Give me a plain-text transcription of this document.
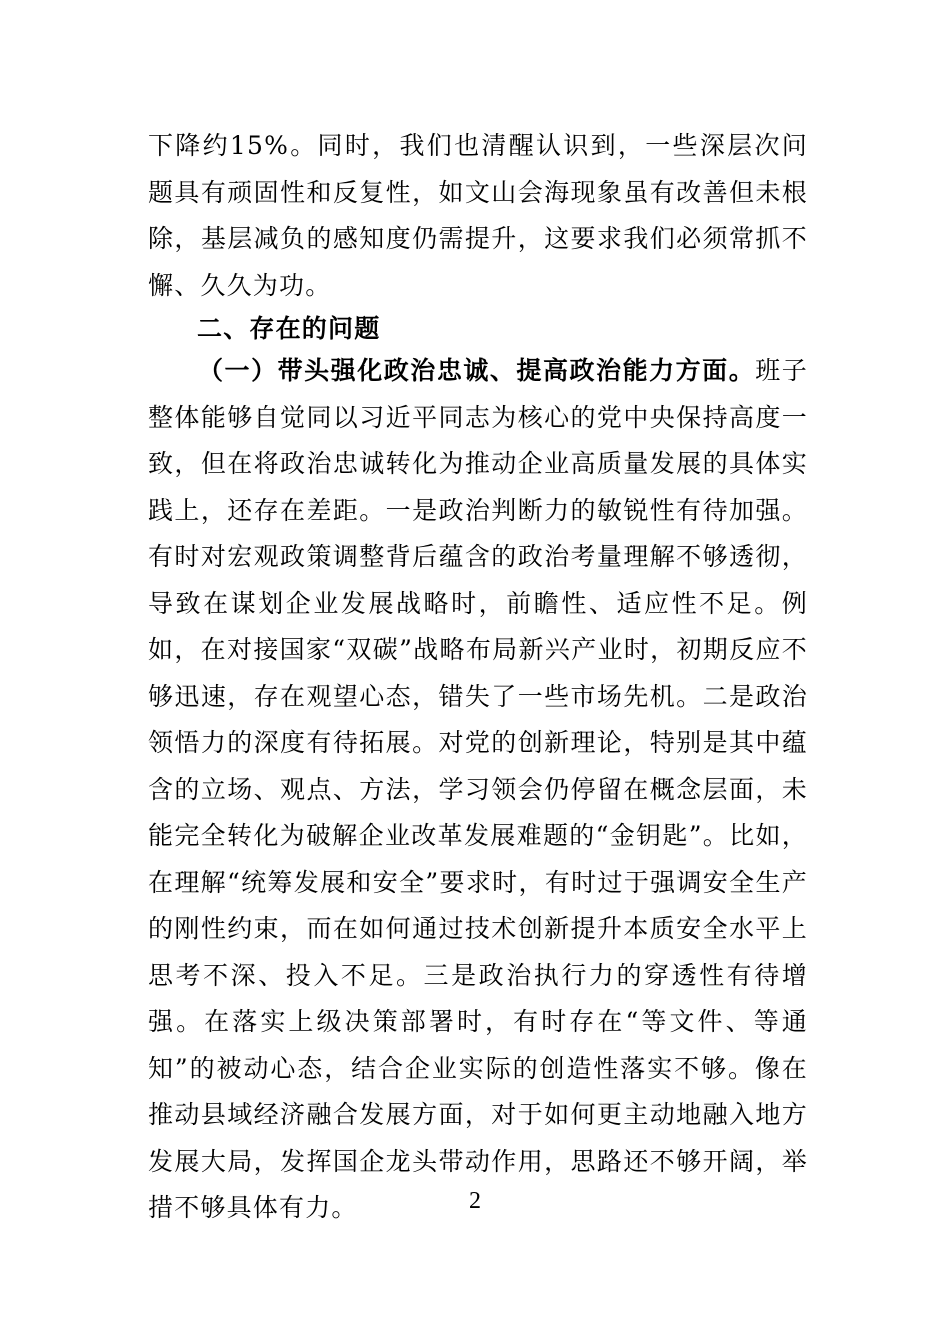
下降约15%。同时，我们也清醒认识到，一些深层次问题具有顽固性和反复性，如文山会海现象虽有改善但未根除，基层减负的感知度仍需提升，这要求我们必须常抓不懈、久久为功。

二、存在的问题

（一）带头强化政治忠诚、提高政治能力方面。班子整体能够自觉同以习近平同志为核心的党中央保持高度一致，但在将政治忠诚转化为推动企业高质量发展的具体实践上，还存在差距。一是政治判断力的敏锐性有待加强。有时对宏观政策调整背后蕴含的政治考量理解不够透彻，导致在谋划企业发展战略时，前瞻性、适应性不足。例如，在对接国家“双碳”战略布局新兴产业时，初期反应不够迅速，存在观望心态，错失了一些市场先机。二是政治领悟力的深度有待拓展。对党的创新理论，特别是其中蕴含的立场、观点、方法，学习领会仍停留在概念层面，未能完全转化为破解企业改革发展难题的“金钥匙”。比如，在理解“统筹发展和安全”要求时，有时过于强调安全生产的刚性约束，而在如何通过技术创新提升本质安全水平上思考不深、投入不足。三是政治执行力的穿透性有待增强。在落实上级决策部署时，有时存在“等文件、等通知”的被动心态，结合企业实际的创造性落实不够。像在推动县域经济融合发展方面，对于如何更主动地融入地方发展大局，发挥国企龙头带动作用，思路还不够开阔，举措不够具体有力。	2
